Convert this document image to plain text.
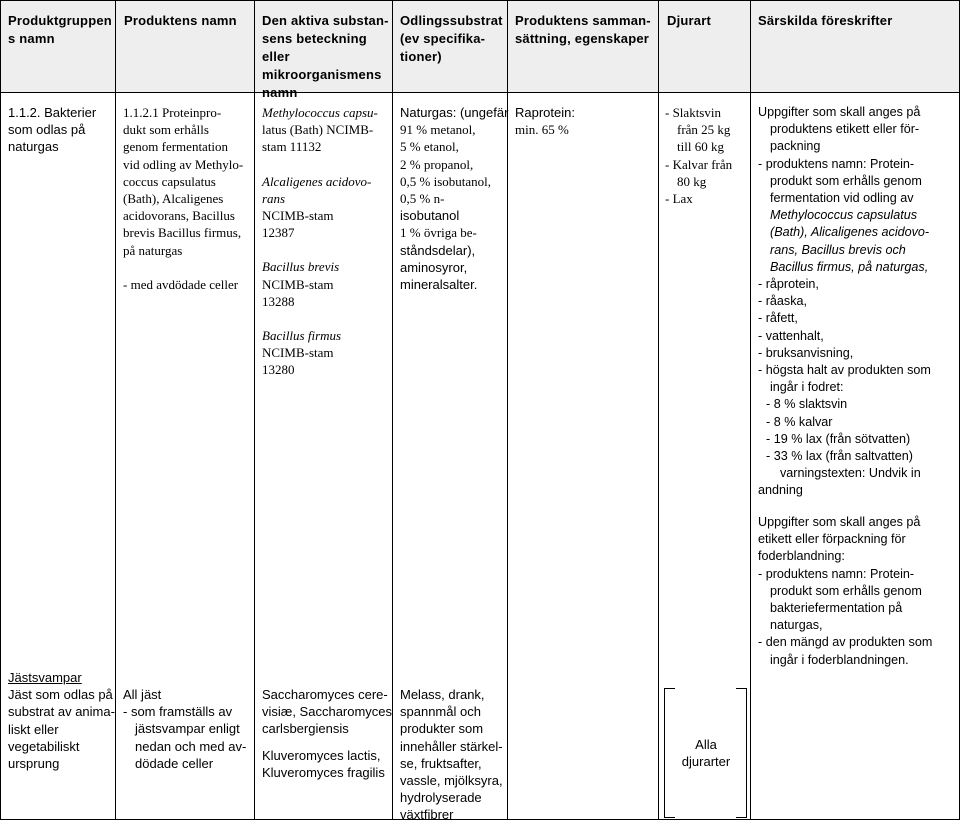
Produktgruppen
s namn
Produktens namn Den aktiva substan-
sens beteckning
eller
mikroorganismens
namn
Odlingssubstrat
(ev specifika-
tioner)
Produktens samman-
sättning, egenskaper
Djurart	Särskilda föreskrifter
1.1.2. Bakterier
som odlas på
naturgas
1.1.2.1 Proteinpro-
dukt som erhålls
genom fermentation
vid odling av Methylo-
coccus capsulatus
(Bath), Alcaligenes
acidovorans, Bacillus
brevis Bacillus firmus,
på naturgas
- med avdödade celler
Methylococcus capsu-
latus (Bath) NCIMB-
stam 11132
Alcaligenes acidovo-
rans
NCIMB-stam
12387
Bacillus brevis
NCIMB-stam
13288
Bacillus firmus
NCIMB-stam
13280
Naturgas: (ungefär
91 % metanol,
5 % etanol,
2 % propanol,
0,5 % isobutanol,
0,5 % n-
isobutanol
1 % övriga be-
ståndsdelar),
aminosyror,
mineralsalter.
Raprotein:
min. 65 %
- Slaktsvin
från 25 kg
till 60 kg
- Kalvar från
80 kg
- Lax
Uppgifter som skall anges på
produktens etikett eller för-
packning
- produktens namn: Protein-
produkt som erhålls genom
fermentation vid odling av
Methylococcus capsulatus
(Bath), Alicaligenes acidovo-
rans, Bacillus brevis och
Bacillus firmus, på naturgas,
- råprotein,
- råaska,
- råfett,
- vattenhalt,
- bruksanvisning,
- högsta halt av produkten som
ingår i fodret:
- 8 % slaktsvin
- 8 % kalvar
- 19 % lax (från sötvatten)
- 33 % lax (från saltvatten)
varningstexten: Undvik in
andning
Uppgifter som skall anges på
etikett eller förpackning för
foderblandning:
- produktens namn: Protein-
produkt som erhålls genom
bakteriefermentation på
naturgas,
- den mängd av produkten som
ingår i foderblandningen.
Jästsvampar
Jäst som odlas på
substrat av anima-
liskt eller
vegetabiliskt
ursprung
All jäst
- som framställs av
jästsvampar enligt
nedan och med av-
dödade celler
Saccharomyces cere-
visiæ, Saccharomyces
carlsbergiensis
Kluveromyces lactis,
Kluveromyces fragilis
Melass, drank,
spannmål och
produkter som
innehåller stärkel-
se, fruktsafter,
vassle, mjölksyra,
hydrolyserade
växtfibrer
Alla
djurarter
